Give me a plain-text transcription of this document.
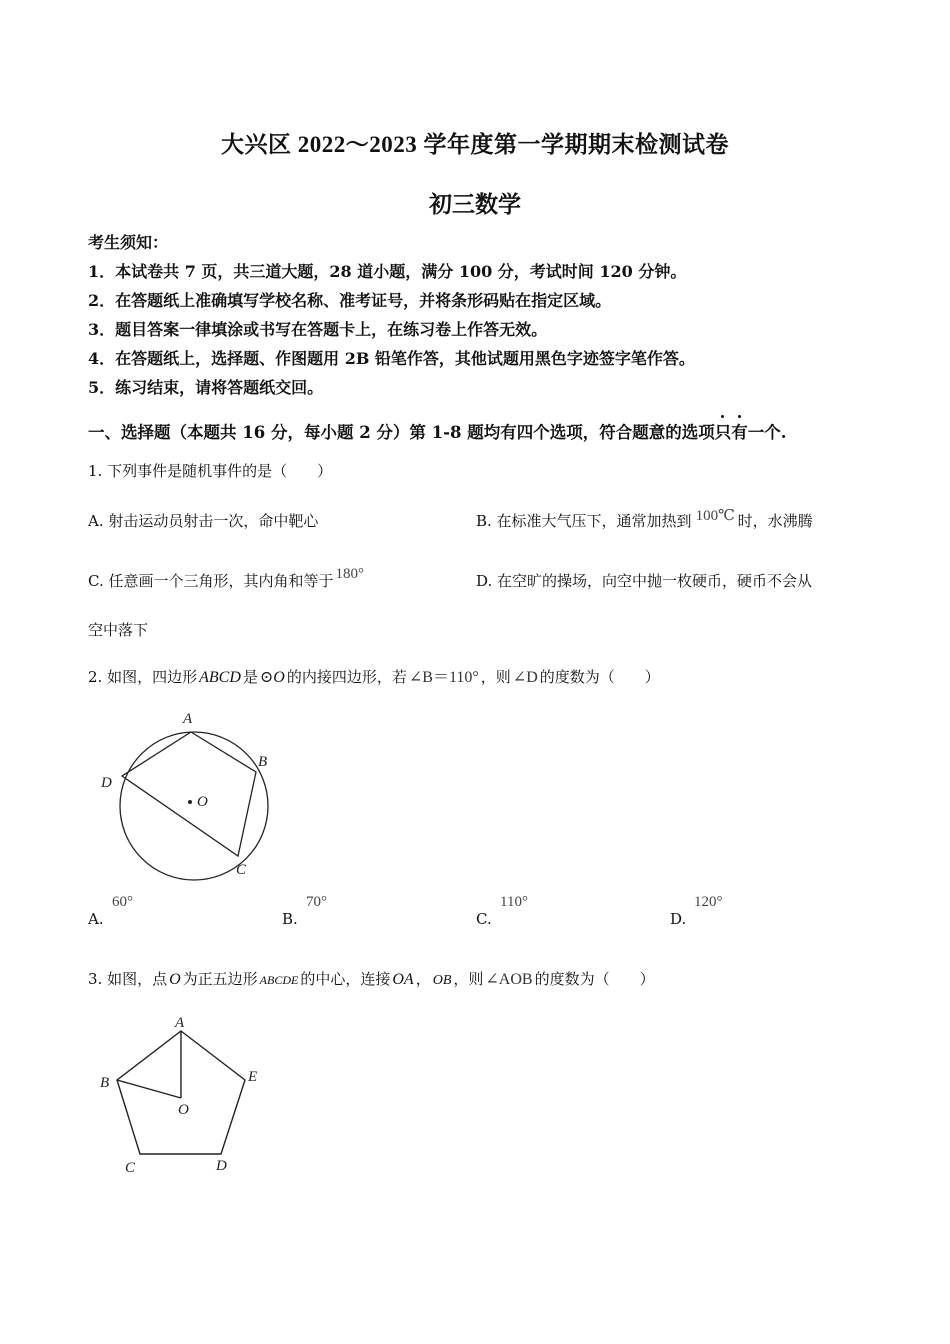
大兴区 2022～2023 学年度第一学期期末检测试卷
初三数学
考生须知：
1．本试卷共 7 页，共三道大题，28 道小题，满分 100 分，考试时间 120 分钟。
2．在答题纸上准确填写学校名称、准考证号，并将条形码贴在指定区域。
3．题目答案一律填涂或书写在答题卡上，在练习卷上作答无效。
4．在答题纸上，选择题、作图题用 2B 铅笔作答，其他试题用黑色字迹签字笔作答。
5．练习结束，请将答题纸交回。
一、选择题（本题共 16 分，每小题 2 分）第 1-8 题均有四个选项，符合题意的选项只有一个.
1. 下列事件是随机事件的是（　　）
A. 射击运动员射击一次，命中靶心	B. 在标准大气压下，通常加热到 100℃ 时，水沸腾
C. 任意画一个三角形，其内角和等于 180°	D. 在空旷的操场，向空中抛一枚硬币，硬币不会从
空中落下
2. 如图，四边形 ABCD 是 ⊙O 的内接四边形，若 ∠B＝110° ，则 ∠D 的度数为（　　）
A
B
C
D
O
A.
60°
B.
70°
C.
110°
D.
120°
3. 如图，点 O 为正五边形 ABCDE 的中心，连接 OA ， OB ，则 ∠AOB 的度数为（　　）
A
B
C	D
E
O
